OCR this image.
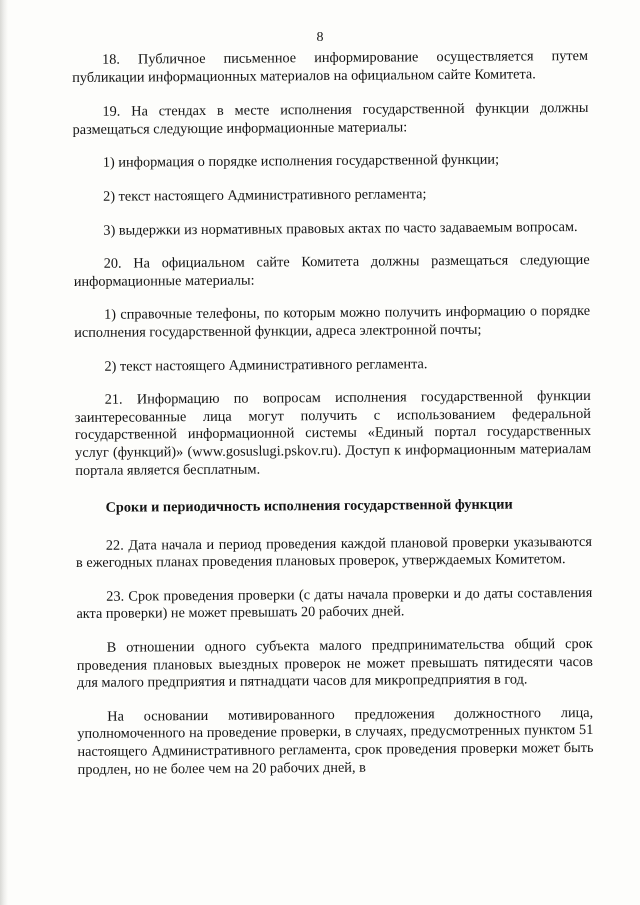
8

18. Публичное письменное информирование осуществляется путем публикации информационных материалов на официальном сайте Комитета.

19. На стендах в месте исполнения государственной функции должны размещаться следующие информационные материалы:

1) информация о порядке исполнения государственной функции;

2) текст настоящего Административного регламента;

3) выдержки из нормативных правовых актах по часто задаваемым вопросам.

20. На официальном сайте Комитета должны размещаться следующие информационные материалы:

1) справочные телефоны, по которым можно получить информацию о порядке исполнения государственной функции, адреса электронной почты;

2) текст настоящего Административного регламента.

21. Информацию по вопросам исполнения государственной функции заинтересованные лица могут получить с использованием федеральной государственной информационной системы «Единый портал государственных услуг (функций)» (www.gosuslugi.pskov.ru). Доступ к информационным материалам портала является бесплатным.

Сроки и периодичность исполнения государственной функции

22. Дата начала и период проведения каждой плановой проверки указываются в ежегодных планах проведения плановых проверок, утверждаемых Комитетом.

23. Срок проведения проверки (с даты начала проверки и до даты составления акта проверки) не может превышать 20 рабочих дней.

В отношении одного субъекта малого предпринимательства общий срок проведения плановых выездных проверок не может превышать пятидесяти часов для малого предприятия и пятнадцати часов для микропредприятия в год.

На основании мотивированного предложения должностного лица, уполномоченного на проведение проверки, в случаях, предусмотренных пунктом 51 настоящего Административного регламента, срок проведения проверки может быть продлен, но не более чем на 20 рабочих дней, в
